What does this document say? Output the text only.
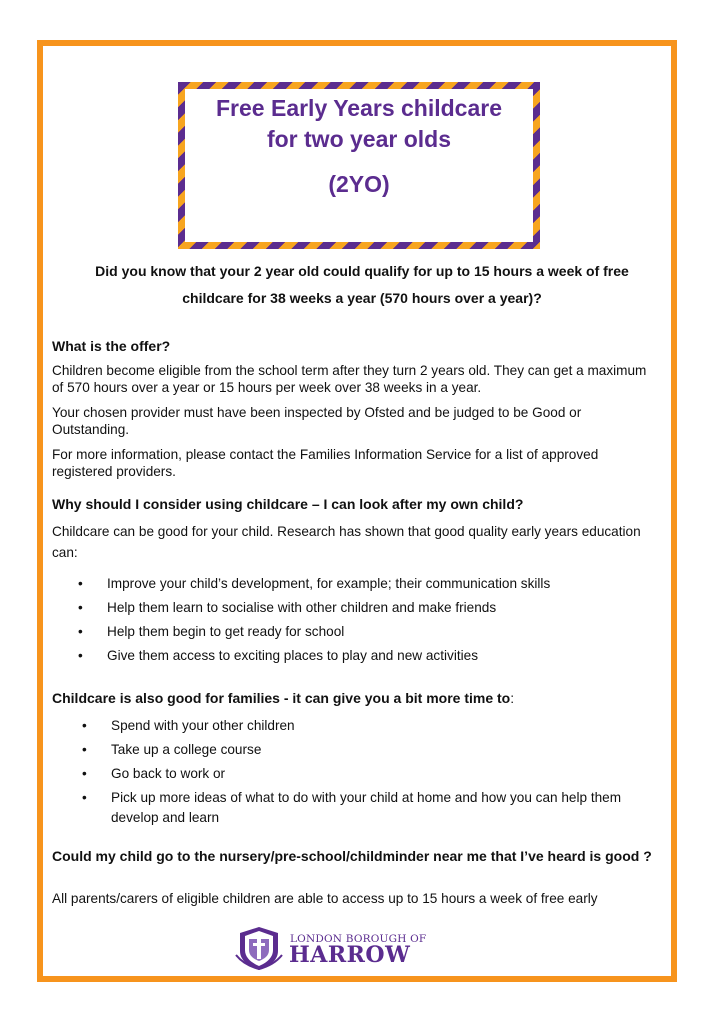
Free Early Years childcare
for two year olds
(2YO)
Did you know that your 2 year old could qualify for up to 15 hours a week of free
childcare for 38 weeks a year (570 hours over a year)?
What is the offer?

Children become eligible from the school term after they turn 2 years old. They can get a maximum of 570 hours over a year or 15 hours per week over 38 weeks in a year.

Your chosen provider must have been inspected by Ofsted and be judged to be Good or Outstanding.

For more information, please contact the Families Information Service for a list of approved registered providers.

Why should I consider using childcare – I can look after my own child?

Childcare can be good for your child. Research has shown that good quality early years education can:

• Improve your child’s development, for example; their communication skills
• Help them learn to socialise with other children and make friends
• Help them begin to get ready for school
• Give them access to exciting places to play and new activities
Childcare is also good for families - it can give you a bit more time to:
• Spend with your other children
• Take up a college course
• Go back to work or
• Pick up more ideas of what to do with your child at home and how you can help them develop and learn
Could my child go to the nursery/pre-school/childminder near me that I’ve heard is good ?

All parents/carers of eligible children are able to access up to 15 hours a week of free early

LONDON BOROUGH OF
HARROW
